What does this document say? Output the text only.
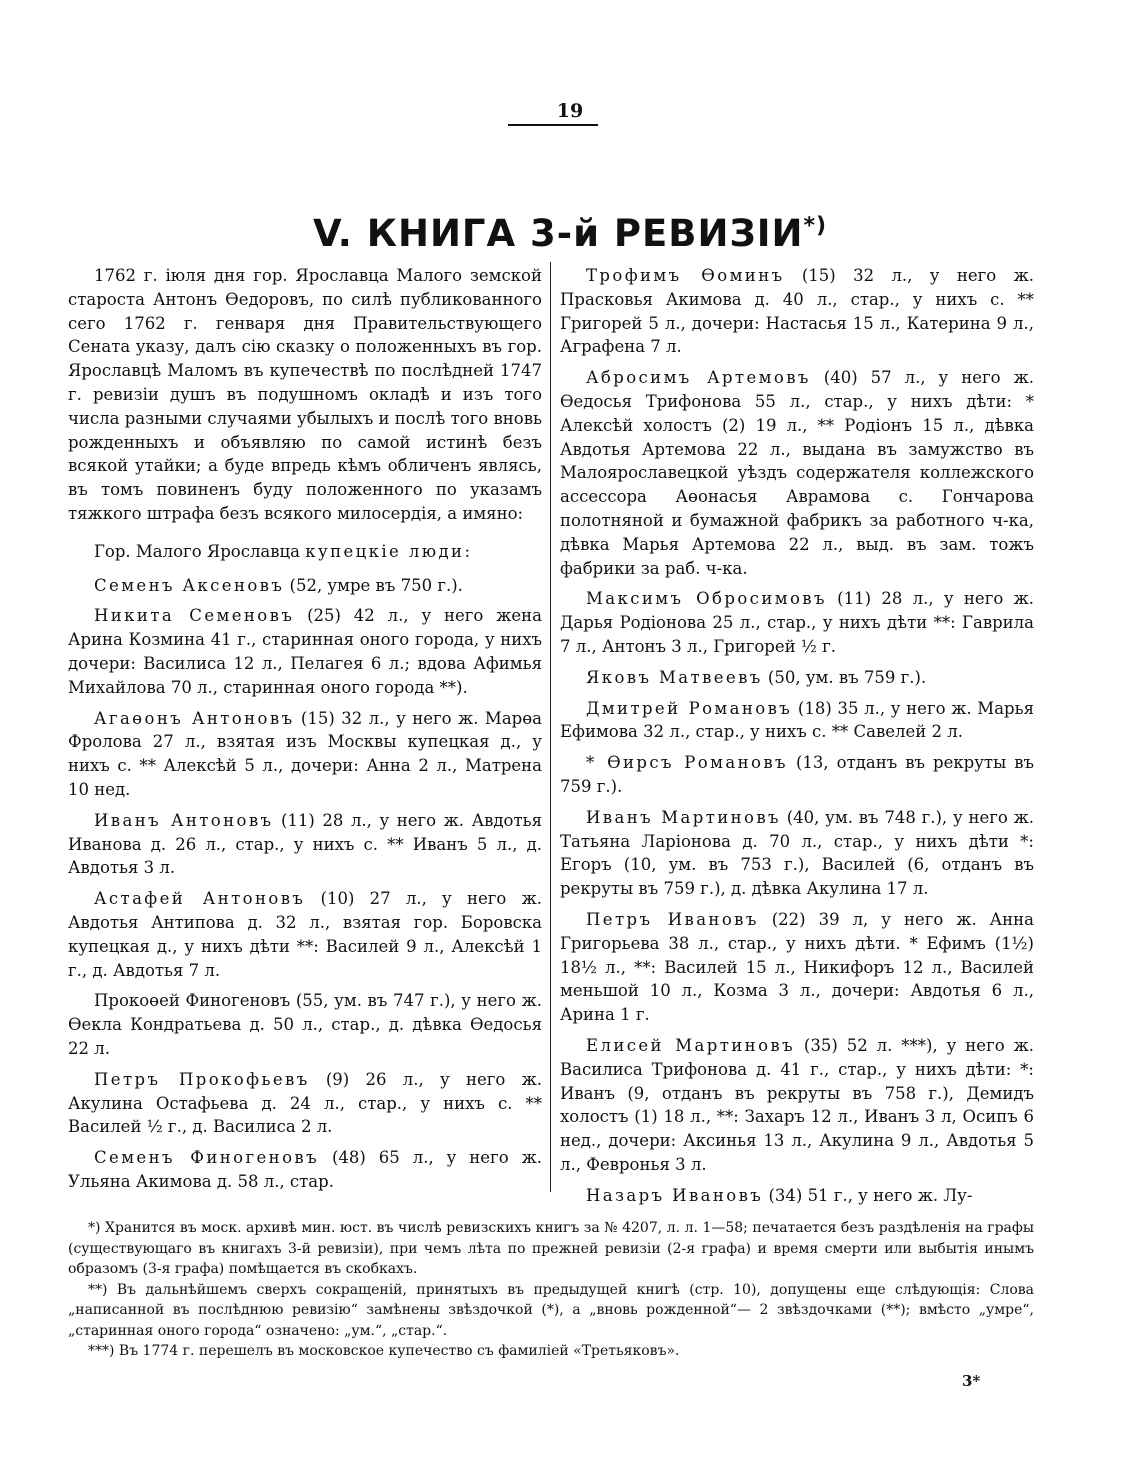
19
V. КНИГА 3-й РЕВИЗІИ*)

1762 г. іюля дня гор. Ярославца Малого земской староста Антонъ Өедоровъ, по силѣ публикованного сего 1762 г. генваря дня Правительствующего Сената указу, далъ сію сказку о положенныхъ въ гор. Ярославцѣ Маломъ въ купечествѣ по послѣдней 1747 г. ревизіи душъ въ подушномъ окладѣ и изъ того числа разными случаями убылыхъ и послѣ того вновь рожденныхъ и объявляю по самой истинѣ безъ всякой утайки; а буде впредь кѣмъ обличенъ являсь, въ томъ повиненъ буду положенного по указамъ тяжкого штрафа безъ всякого милосердія, а имяно:

Гор. Малого Ярославца купецкіе люди:

Семенъ Аксеновъ (52, умре въ 750 г.).

Никита Семеновъ (25) 42 л., у него жена Арина Козмина 41 г., старинная оного города, у нихъ дочери: Василиса 12 л., Пелагея 6 л.; вдова Афимья Михайлова 70 л., старинная оного города **).

Агаөонъ Антоновъ (15) 32 л., у него ж. Марөа Фролова 27 л., взятая изъ Москвы купецкая д., у нихъ с. ** Алексѣй 5 л., дочери: Анна 2 л., Матрена 10 нед.

Иванъ Антоновъ (11) 28 л., у него ж. Авдотья Иванова д. 26 л., стар., у нихъ с. ** Иванъ 5 л., д. Авдотья 3 л.

Астафей Антоновъ (10) 27 л., у него ж. Авдотья Антипова д. 32 л., взятая гор. Боровска купецкая д., у нихъ дѣти **: Василей 9 л., Алексѣй 1 г., д. Авдотья 7 л.

Прокоөей Финогеновъ (55, ум. въ 747 г.), у него ж. Өекла Кондратьева д. 50 л., стар., д. дѣвка Өедосья 22 л.

Петръ Прокофьевъ (9) 26 л., у него ж. Акулина Остафьева д. 24 л., стар., у нихъ с. ** Василей ½ г., д. Василиса 2 л.

Семенъ Финогеновъ (48) 65 л., у него ж. Ульяна Акимова д. 58 л., стар.

Трофимъ Өоминъ (15) 32 л., у него ж. Прасковья Акимова д. 40 л., стар., у нихъ с. ** Григорей 5 л., дочери: Настасья 15 л., Катерина 9 л., Аграфена 7 л.

Абросимъ Артемовъ (40) 57 л., у него ж. Өедосья Трифонова 55 л., стар., у нихъ дѣти: * Алексѣй холостъ (2) 19 л., ** Родіонъ 15 л., дѣвка Авдотья Артемова 22 л., выдана въ замужство въ Малоярославецкой уѣздъ содержателя коллежского ассессора Аөонасья Аврамова с. Гончарова полотняной и бумажной фабрикъ за работного ч-ка, дѣвка Марья Артемова 22 л., выд. въ зам. тожъ фабрики за раб. ч-ка.

Максимъ Обросимовъ (11) 28 л., у него ж. Дарья Родіонова 25 л., стар., у нихъ дѣти **: Гаврила 7 л., Антонъ 3 л., Григорей ½ г.

Яковъ Матвеевъ (50, ум. въ 759 г.).

Дмитрей Романовъ (18) 35 л., у него ж. Марья Ефимова 32 л., стар., у нихъ с. ** Савелей 2 л.

* Өирсъ Романовъ (13, отданъ въ рекруты въ 759 г.).

Иванъ Мартиновъ (40, ум. въ 748 г.), у него ж. Татьяна Ларіонова д. 70 л., стар., у нихъ дѣти *: Егоръ (10, ум. въ 753 г.), Василей (6, отданъ въ рекруты въ 759 г.), д. дѣвка Акулина 17 л.

Петръ Ивановъ (22) 39 л, у него ж. Анна Григорьева 38 л., стар., у нихъ дѣти. * Ефимъ (1½) 18½ л., **: Василей 15 л., Никифоръ 12 л., Василей меньшой 10 л., Козма 3 л., дочери: Авдотья 6 л., Арина 1 г.

Елисей Мартиновъ (35) 52 л. ***), у него ж. Василиса Трифонова д. 41 г., стар., у нихъ дѣти: *: Иванъ (9, отданъ въ рекруты въ 758 г.), Демидъ холостъ (1) 18 л., **: Захаръ 12 л., Иванъ 3 л, Осипъ 6 нед., дочери: Аксинья 13 л., Акулина 9 л., Авдотья 5 л., Февронья 3 л.

Назаръ Ивановъ (34) 51 г., у него ж. Лу-

*) Хранится въ моск. архивѣ мин. юст. въ числѣ ревизскихъ книгъ за № 4207, л. л. 1—58; печатается безъ раздѣленія на графы (существующаго въ книгахъ 3-й ревизіи), при чемъ лѣта по прежней ревизіи (2-я графа) и время смерти или выбытія инымъ образомъ (3-я графа) помѣщается въ скобкахъ.

**) Въ дальнѣйшемъ сверхъ сокращеній, принятыхъ въ предыдущей книгѣ (стр. 10), допущены еще слѣдующія: Слова „написанной въ послѣднюю ревизію“ замѣнены звѣздочкой (*), а „вновь рожденной“— 2 звѣздочками (**); вмѣсто „умре“, „старинная оного города“ означено: „ум.“, „стар.“.

***) Въ 1774 г. перешелъ въ московское купечество съ фамиліей «Третьяковъ».

3*
